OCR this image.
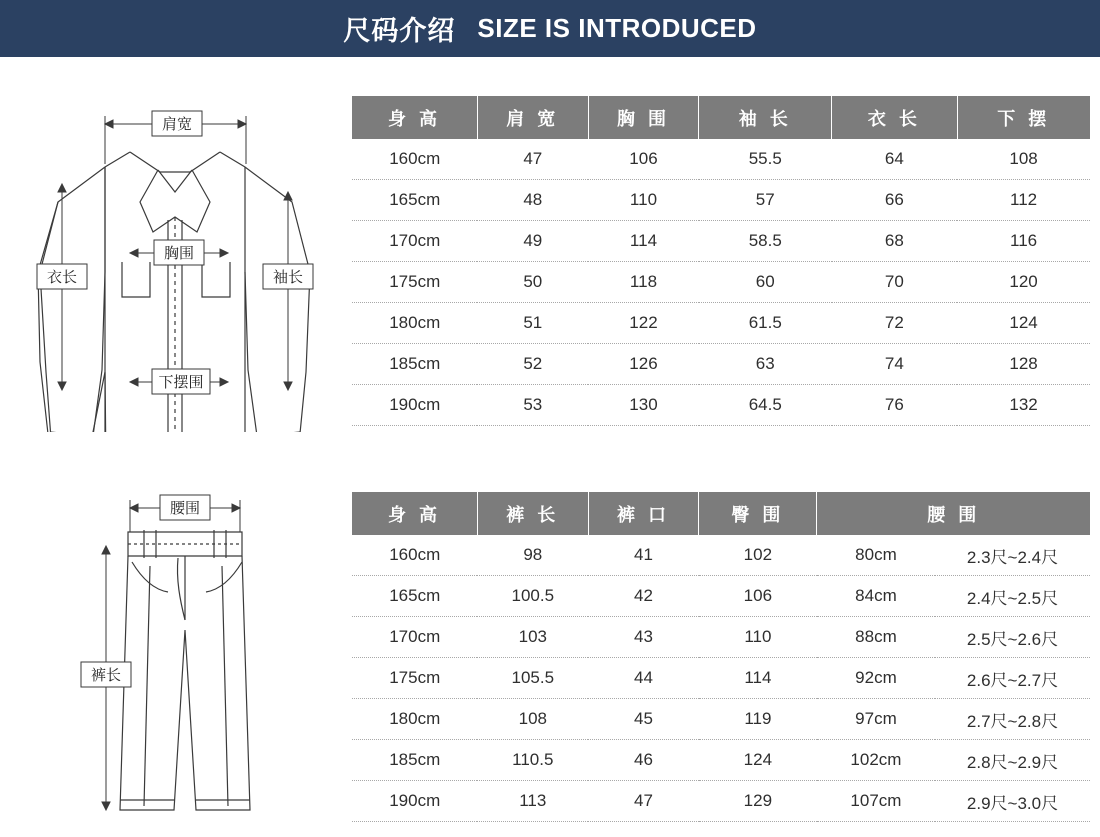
尺码介绍 SIZE IS INTRODUCED
肩宽
胸围
下摆围
衣长	袖长
腰围
裤长
身 高	肩 宽	胸 围	袖 长	衣 长	下 摆
160cm	47	106	55.5	64	108
165cm	48	110	57	66	112
170cm	49	114	58.5	68	116
175cm	50	118	60	70	120
180cm	51	122	61.5	72	124
185cm	52	126	63	74	128
190cm	53	130	64.5	76	132
身 高	裤 长	裤 口	臀 围	腰 围	
160cm	98	41	102	80cm	2.3尺~2.4尺
165cm	100.5	42	106	84cm	2.4尺~2.5尺
170cm	103	43	110	88cm	2.5尺~2.6尺
175cm	105.5	44	114	92cm	2.6尺~2.7尺
180cm	108	45	119	97cm	2.7尺~2.8尺
185cm	110.5	46	124	102cm	2.8尺~2.9尺
190cm	113	47	129	107cm	2.9尺~3.0尺
